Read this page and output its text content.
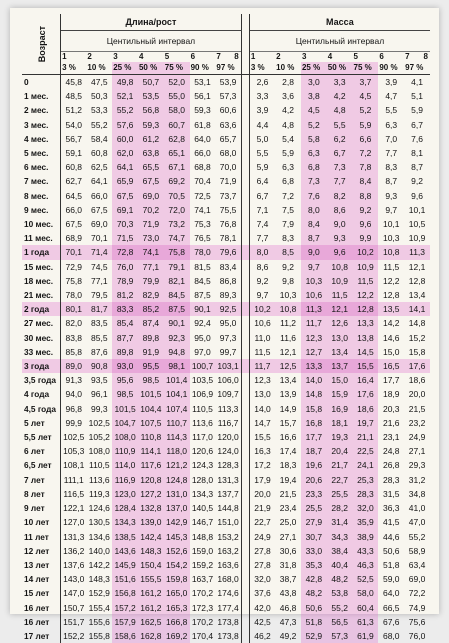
Возраст	Длина/рост								Масса						
	Центильный интервал								Центильный интервал						
	1	2	3	4	5	6	7 8		1	2	3	4	5	6	7 8

	3 %	10 %	25 %	50 %	75 %	90 %	97 %		3 %	10 %	25 %	50 %	75 %	90 %	97 %
0	45,8	47,5	49,8	50,7	52,0	53,1	53,9		2,6	2,8	3,0	3,3	3,7	3,9	4,1
1 мес.	48,5	50,3	52,1	53,5	55,0	56,1	57,3		3,3	3,6	3,8	4,2	4,5	4,7	5,1
2 мес.	51,2	53,3	55,2	56,8	58,0	59,3	60,6		3,9	4,2	4,5	4,8	5,2	5,5	5,9
3 мес.	54,0	55,2	57,6	59,3	60,7	61,8	63,6		4,4	4,8	5,2	5,5	5,9	6,3	6,7
4 мес.	56,7	58,4	60,0	61,2	62,8	64,0	65,7		5,0	5,4	5,8	6,2	6,6	7,0	7,6
5 мес.	59,1	60,8	62,0	63,8	65,1	66,0	68,0		5,5	5,9	6,3	6,7	7,2	7,7	8,1
6 мес.	60,8	62,5	64,1	65,5	67,1	68,8	70,0		5,9	6,3	6,8	7,3	7,8	8,3	8,7
7 мес.	62,7	64,1	65,9	67,5	69,2	70,4	71,9		6,4	6,8	7,3	7,7	8,4	8,7	9,2
8 мес.	64,5	66,0	67,5	69,0	70,5	72,5	73,7		6,7	7,2	7,6	8,2	8,8	9,3	9,6
9 мес.	66,0	67,5	69,1	70,2	72,0	74,1	75,5		7,1	7,5	8,0	8,6	9,2	9,7	10,1
10 мес.	67,5	69,0	70,3	71,9	73,2	75,3	76,8		7,4	7,9	8,4	9,0	9,6	10,1	10,5
11 мес.	68,9	70,1	71,5	73,0	74,7	76,5	78,1		7,7	8,3	8,7	9,3	9,9	10,3	10,9
1 года	70,1	71,4	72,8	74,1	75,8	78,0	79,6		8,0	8,5	9,0	9,6	10,2	10,8	11,3
15 мес.	72,9	74,5	76,0	77,1	79,1	81,5	83,4		8,6	9,2	9,7	10,8	10,9	11,5	12,1
18 мес.	75,8	77,1	78,9	79,9	82,1	84,5	86,8		9,2	9,8	10,3	10,9	11,5	12,2	12,8
21 мес.	78,0	79,5	81,2	82,9	84,5	87,5	89,3		9,7	10,3	10,6	11,5	12,2	12,8	13,4
2 года	80,1	81,7	83,3	85,2	87,5	90,1	92,5		10,2	10,8	11,3	12,1	12,8	13,5	14,1
27 мес.	82,0	83,5	85,4	87,4	90,1	92,4	95,0		10,6	11,2	11,7	12,6	13,3	14,2	14,8
30 мес.	83,8	85,5	87,7	89,8	92,3	95,0	97,3		11,0	11,6	12,3	13,0	13,8	14,6	15,2
33 мес.	85,8	87,6	89,8	91,9	94,8	97,0	99,7		11,5	12,1	12,7	13,4	14,5	15,0	15,8
3 года	89,0	90,8	93,0	95,5	98,1	100,7	103,1		11,7	12,5	13,3	13,7	15,5	16,5	17,6
3,5 года	91,3	93,5	95,6	98,5	101,4	103,5	106,0		12,3	13,4	14,0	15,0	16,4	17,7	18,6
4 года	94,0	96,1	98,5	101,5	104,1	106,9	109,7		13,0	13,9	14,8	15,9	17,6	18,9	20,0
4,5 года	96,8	99,3	101,5	104,4	107,4	110,5	113,3		14,0	14,9	15,8	16,9	18,6	20,3	21,5
5 лет	99,9	102,5	104,7	107,5	110,7	113,6	116,7		14,7	15,7	16,8	18,1	19,7	21,6	23,2
5,5 лет	102,5	105,2	108,0	110,8	114,3	117,0	120,0		15,5	16,6	17,7	19,3	21,1	23,1	24,9
6 лет	105,3	108,0	110,9	114,1	118,0	120,6	124,0		16,3	17,4	18,7	20,4	22,5	24,8	27,1
6,5 лет	108,1	110,5	114,0	117,6	121,2	124,3	128,3		17,2	18,3	19,6	21,7	24,1	26,8	29,3
7 лет	111,1	113,6	116,9	120,8	124,8	128,0	131,3		17,9	19,4	20,6	22,7	25,3	28,3	31,2
8 лет	116,5	119,3	123,0	127,2	131,0	134,3	137,7		20,0	21,5	23,3	25,5	28,3	31,5	34,8
9 лет	122,1	124,6	128,4	132,8	137,0	140,5	144,8		21,9	23,4	25,5	28,2	32,0	36,3	41,0
10 лет	127,0	130,5	134,3	139,0	142,9	146,7	151,0		22,7	25,0	27,9	31,4	35,9	41,5	47,0
11 лет	131,3	134,6	138,5	142,4	145,3	148,8	153,2		24,9	27,1	30,7	34,3	38,9	44,6	55,2
12 лет	136,2	140,0	143,6	148,3	152,6	159,0	163,2		27,8	30,6	33,0	38,4	43,3	50,6	58,9
13 лет	137,6	142,2	145,9	150,4	154,2	159,2	163,6		27,8	31,8	35,3	40,4	46,3	51,8	63,4
14 лет	143,0	148,3	151,6	155,5	159,8	163,7	168,0		32,0	38,7	42,8	48,2	52,5	59,0	69,0
15 лет	147,0	152,9	156,8	161,2	165,0	170,2	174,6		37,6	43,8	48,2	53,8	58,0	64,0	72,2
16 лет	150,7	155,4	157,2	161,2	165,3	172,3	177,4		42,0	46,8	50,6	55,2	60,4	66,5	74,9
16 лет	151,7	155,6	157,9	162,5	166,8	170,2	173,8		42,5	47,3	51,8	56,5	61,3	67,6	75,6
17 лет	152,2	155,8	158,6	162,8	169,2	170,4	173,8		46,2	49,2	52,9	57,3	61,9	68,0	76,0
